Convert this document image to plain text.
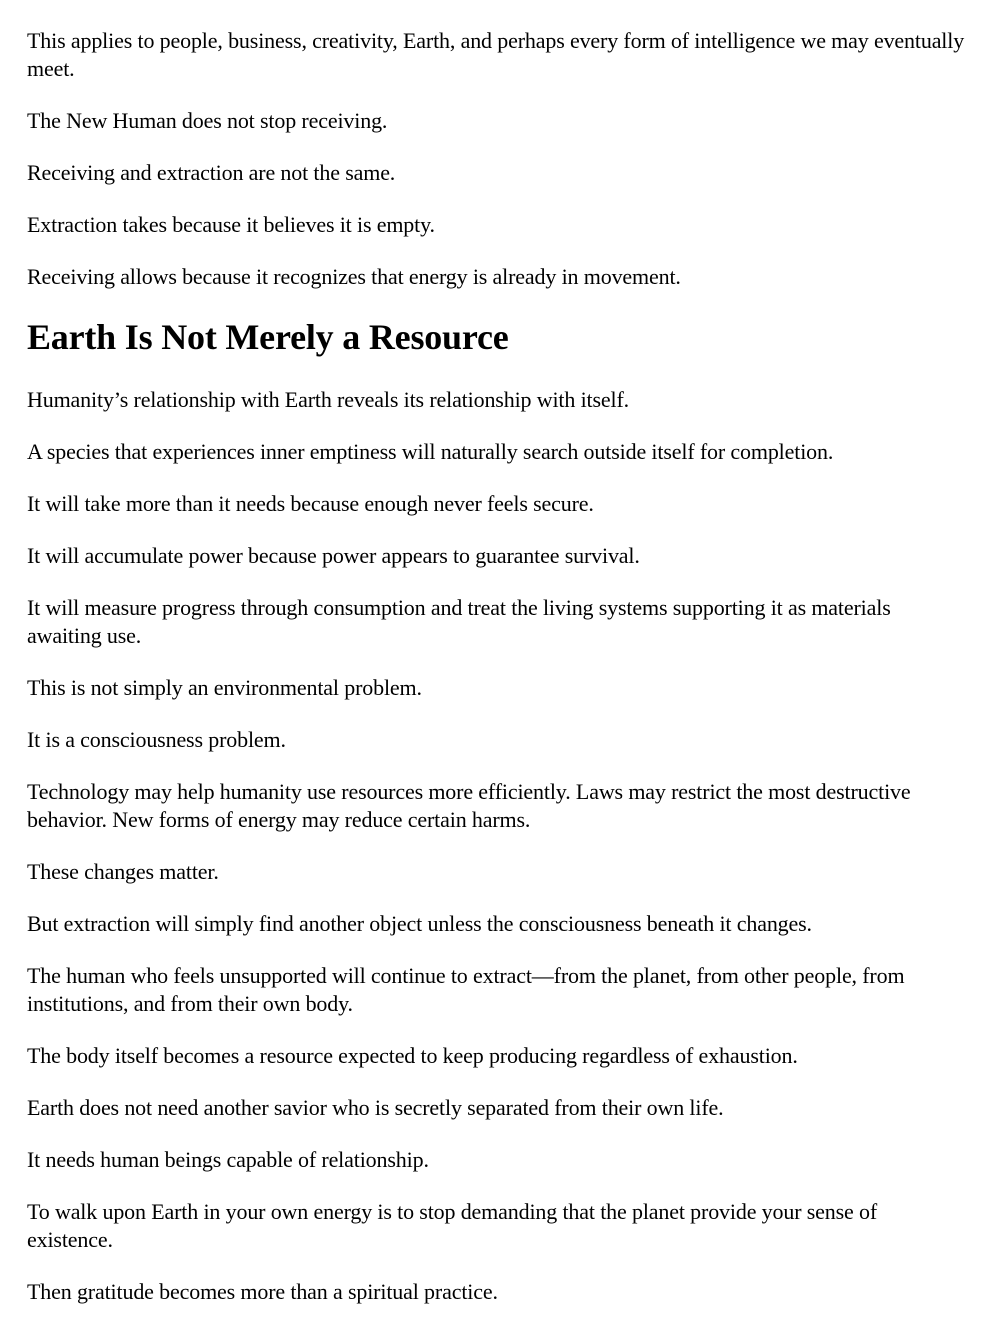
This applies to people, business, creativity, Earth, and perhaps every form of intelligence we may eventually meet.

The New Human does not stop receiving.

Receiving and extraction are not the same.

Extraction takes because it believes it is empty.

Receiving allows because it recognizes that energy is already in movement.

Earth Is Not Merely a Resource

Humanity’s relationship with Earth reveals its relationship with itself.

A species that experiences inner emptiness will naturally search outside itself for completion.

It will take more than it needs because enough never feels secure.

It will accumulate power because power appears to guarantee survival.

It will measure progress through consumption and treat the living systems supporting it as materials awaiting use.

This is not simply an environmental problem.

It is a consciousness problem.

Technology may help humanity use resources more efficiently. Laws may restrict the most destructive behavior. New forms of energy may reduce certain harms.

These changes matter.

But extraction will simply find another object unless the consciousness beneath it changes.

The human who feels unsupported will continue to extract—from the planet, from other people, from institutions, and from their own body.

The body itself becomes a resource expected to keep producing regardless of exhaustion.

Earth does not need another savior who is secretly separated from their own life.

It needs human beings capable of relationship.

To walk upon Earth in your own energy is to stop demanding that the planet provide your sense of existence.

Then gratitude becomes more than a spiritual practice.
